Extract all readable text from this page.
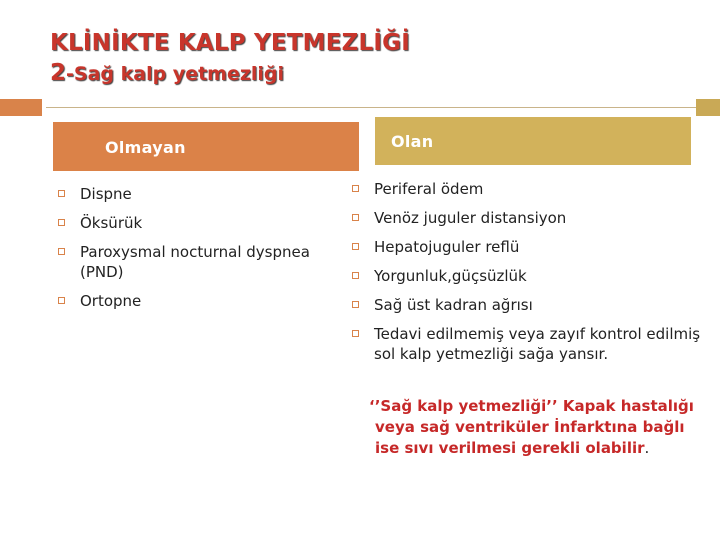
KLİNİKTE KALP YETMEZLİĞİ
2-Sağ kalp yetmezliği
Olmayan	Olan
Dispne
Öksürük
Paroxysmal nocturnal dyspnea (PND)
Ortopne
Periferal ödem
Venöz juguler distansiyon
Hepatojuguler reflü
Yorgunluk,güçsüzlük
Sağ üst kadran ağrısı
Tedavi edilmemiş veya zayıf kontrol edilmiş sol kalp yetmezliği sağa yansır.

‘’Sağ kalp yetmezliği’’ Kapak hastalığı veya sağ ventriküler İnfarktına bağlı ise sıvı verilmesi gerekli olabilir.
